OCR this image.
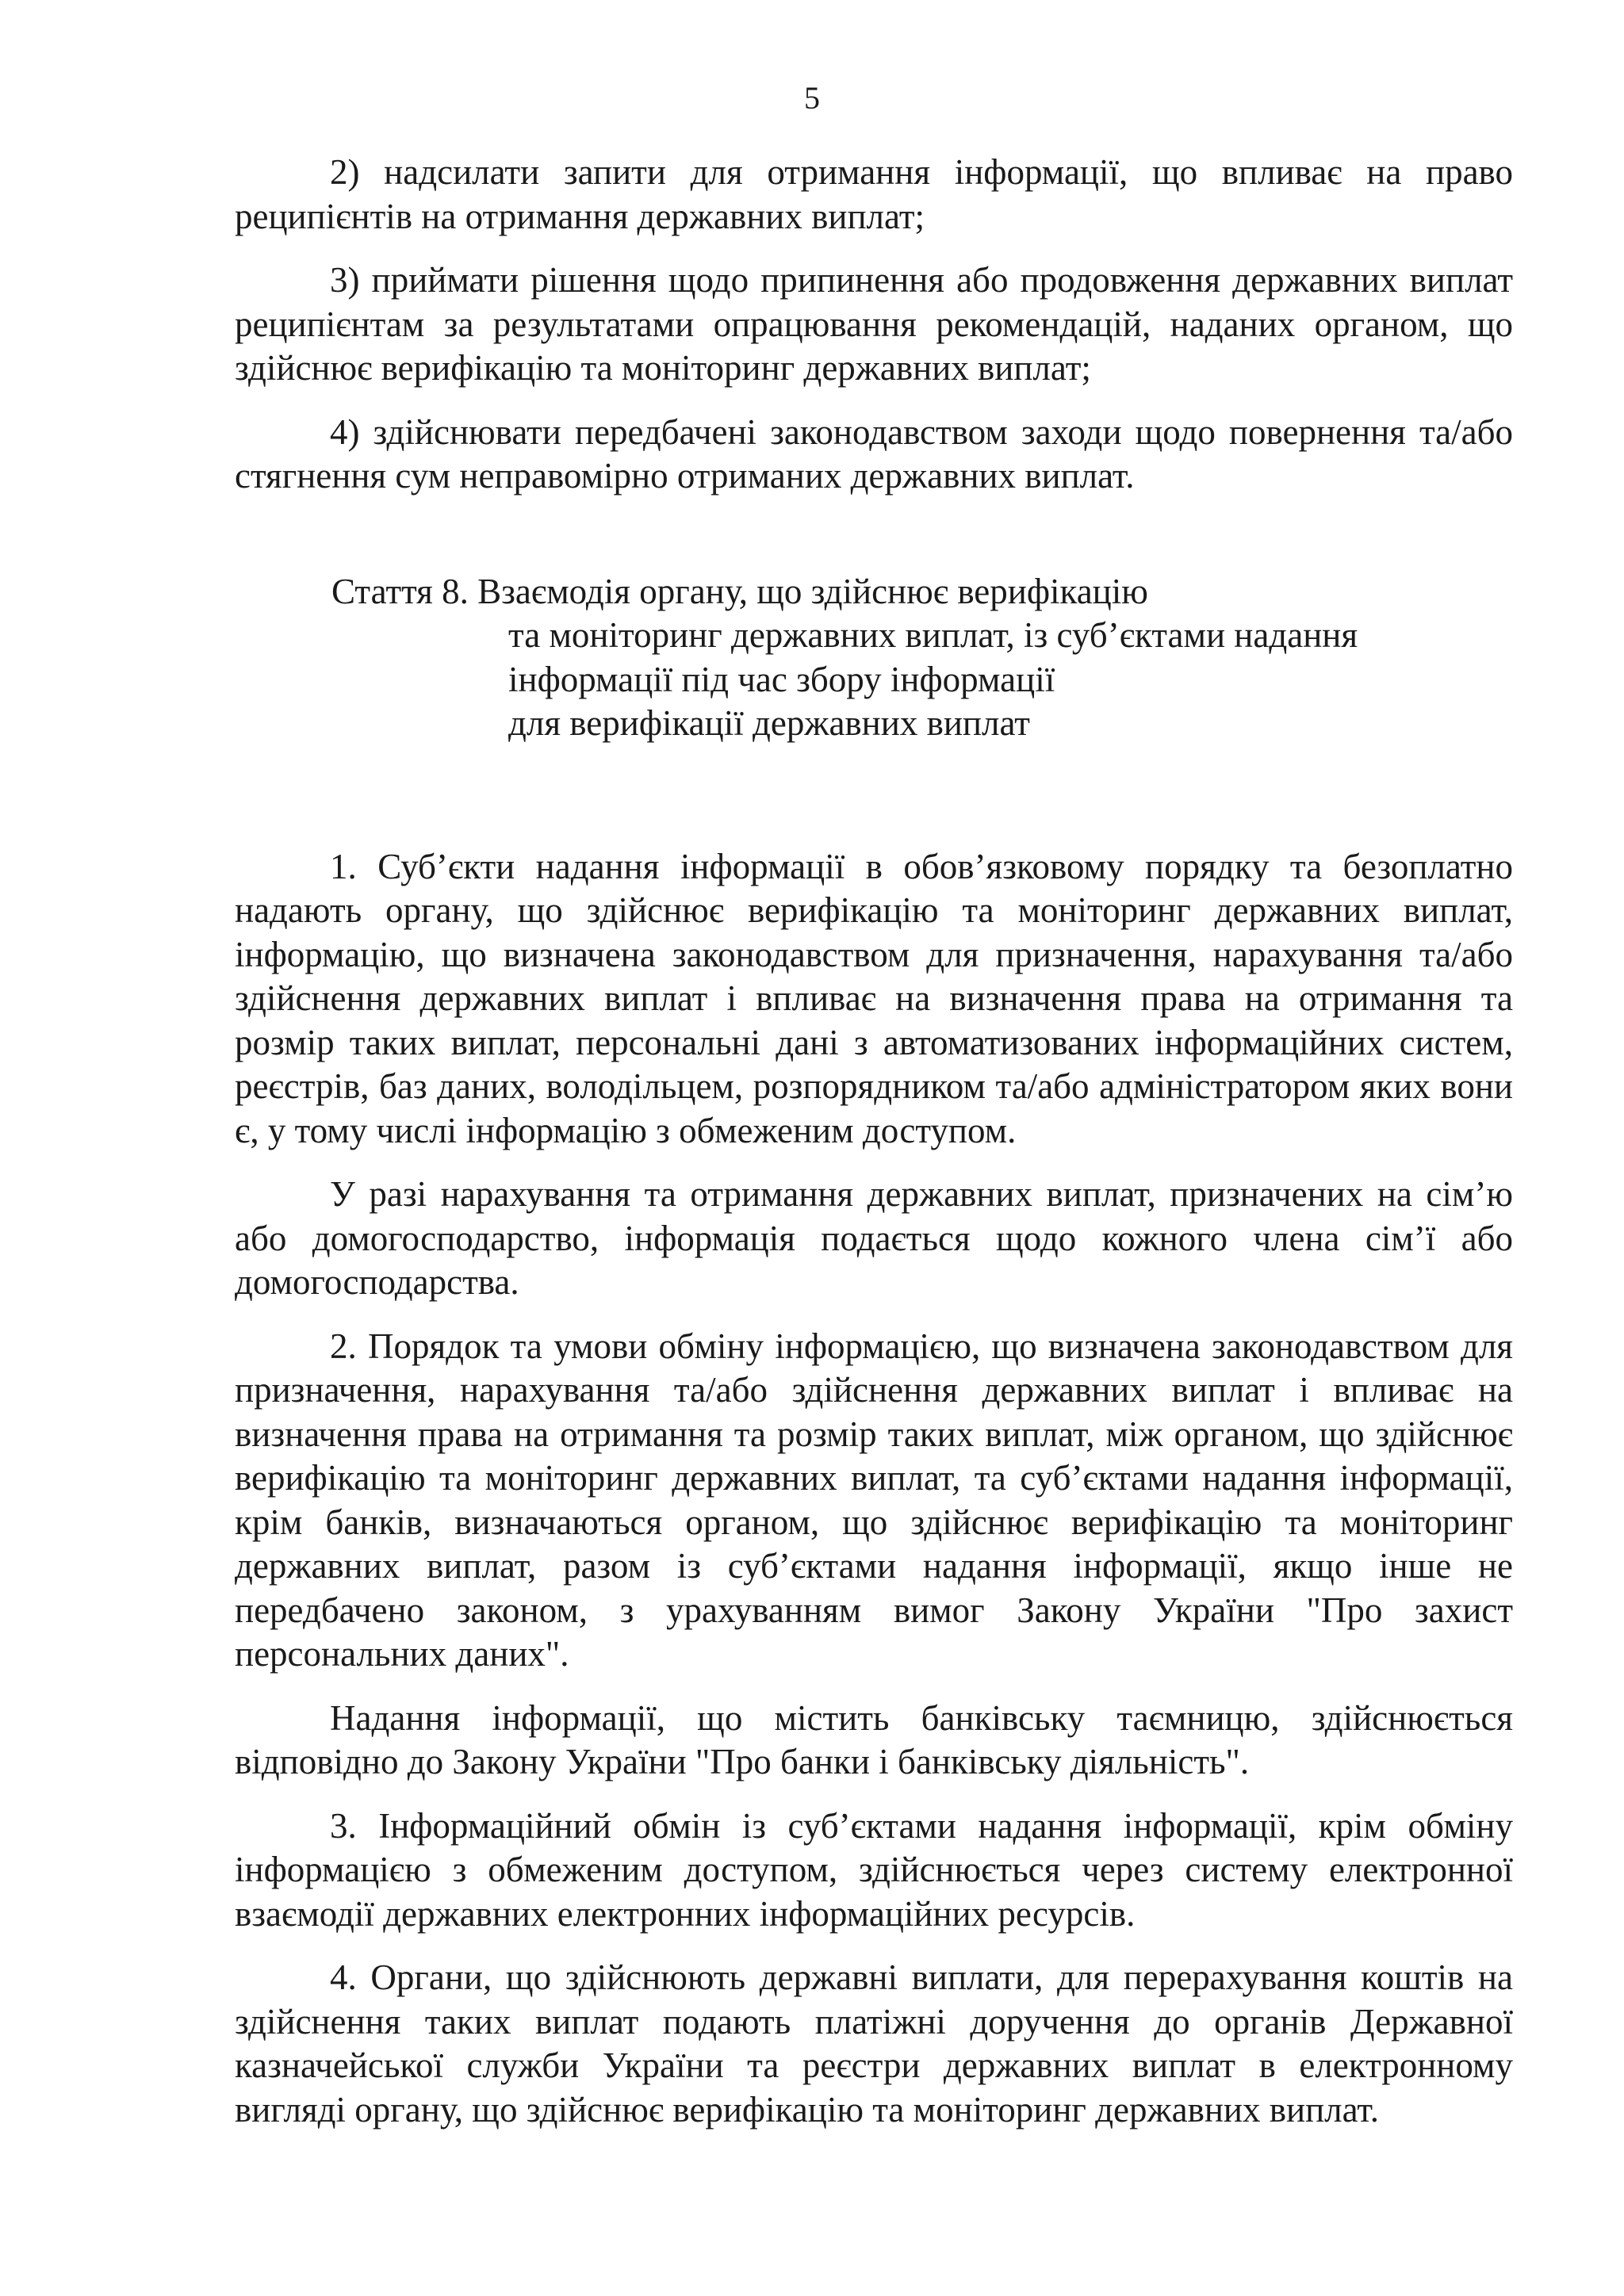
5

2) надсилати запити для отримання інформації, що впливає на право реципієнтів на отримання державних виплат;

3) приймати рішення щодо припинення або продовження державних виплат реципієнтам за результатами опрацювання рекомендацій, наданих органом, що здійснює верифікацію та моніторинг державних виплат;

4) здійснювати передбачені законодавством заходи щодо повернення та/або стягнення сум неправомірно отриманих державних виплат.

Стаття 8. Взаємодія органу, що здійснює верифікацію
та моніторинг державних виплат, із суб’єктами надання
інформації під час збору інформації
для верифікації державних виплат

1. Суб’єкти надання інформації в обов’язковому порядку та безоплатно надають органу, що здійснює верифікацію та моніторинг державних виплат, інформацію, що визначена законодавством для призначення, нарахування та/або здійснення державних виплат і впливає на визначення права на отримання та розмір таких виплат, персональні дані з автоматизованих інформаційних систем, реєстрів, баз даних, володільцем, розпорядником та/або адміністратором яких вони є, у тому числі інформацію з обмеженим доступом.

У разі нарахування та отримання державних виплат, призначених на сім’ю або домогосподарство, інформація подається щодо кожного члена сім’ї або домогосподарства.

2. Порядок та умови обміну інформацією, що визначена законодавством для призначення, нарахування та/або здійснення державних виплат і впливає на визначення права на отримання та розмір таких виплат, між органом, що здійснює верифікацію та моніторинг державних виплат, та суб’єктами надання інформації, крім банків, визначаються органом, що здійснює верифікацію та моніторинг державних виплат, разом із суб’єктами надання інформації, якщо інше не передбачено законом, з урахуванням вимог Закону України "Про захист персональних даних".

Надання інформації, що містить банківську таємницю, здійснюється відповідно до Закону України "Про банки і банківську діяльність".

3. Інформаційний обмін із суб’єктами надання інформації, крім обміну інформацією з обмеженим доступом, здійснюється через систему електронної взаємодії державних електронних інформаційних ресурсів.

4. Органи, що здійснюють державні виплати, для перерахування коштів на здійснення таких виплат подають платіжні доручення до органів Державної казначейської служби України та реєстри державних виплат в електронному вигляді органу, що здійснює верифікацію та моніторинг державних виплат.
